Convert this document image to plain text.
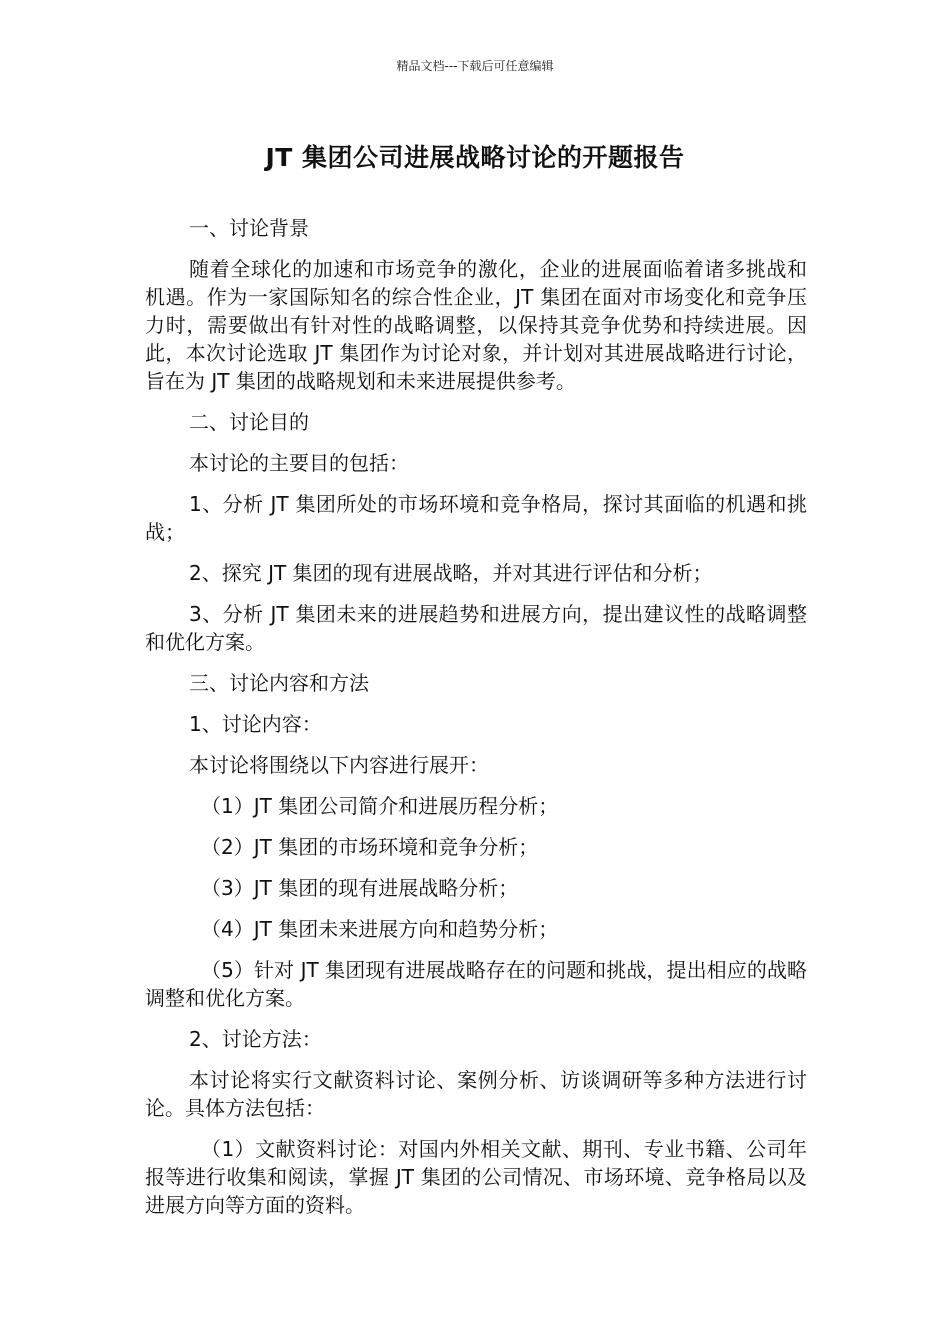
精品文档---下载后可任意编辑
JT 集团公司进展战略讨论的开题报告

一、讨论背景

随着全球化的加速和市场竞争的激化，企业的进展面临着诸多挑战和机遇。作为一家国际知名的综合性企业，JT 集团在面对市场变化和竞争压力时，需要做出有针对性的战略调整，以保持其竞争优势和持续进展。因此，本次讨论选取 JT 集团作为讨论对象，并计划对其进展战略进行讨论，旨在为 JT 集团的战略规划和未来进展提供参考。

二、讨论目的

本讨论的主要目的包括：

1、分析 JT 集团所处的市场环境和竞争格局，探讨其面临的机遇和挑战；

2、探究 JT 集团的现有进展战略，并对其进行评估和分析；

3、分析 JT 集团未来的进展趋势和进展方向，提出建议性的战略调整和优化方案。

三、讨论内容和方法

1、讨论内容：

本讨论将围绕以下内容进行展开：

（1）JT 集团公司简介和进展历程分析；

（2）JT 集团的市场环境和竞争分析；

（3）JT 集团的现有进展战略分析；

（4）JT 集团未来进展方向和趋势分析；

（5）针对 JT 集团现有进展战略存在的问题和挑战，提出相应的战略调整和优化方案。

2、讨论方法：

本讨论将实行文献资料讨论、案例分析、访谈调研等多种方法进行讨论。具体方法包括：

（1）文献资料讨论：对国内外相关文献、期刊、专业书籍、公司年报等进行收集和阅读，掌握 JT 集团的公司情况、市场环境、竞争格局以及进展方向等方面的资料。
